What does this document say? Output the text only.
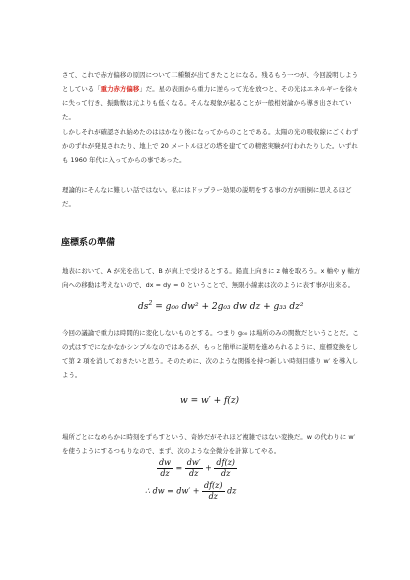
さて、これで赤方偏移の原因について二種類が出てきたことになる。残るもう一つが、今回説明しようとしている「重力赤方偏移」だ。星の表面から重力に逆らって光を放つと、その光はエネルギーを徐々に失って行き、振動数は元よりも低くなる。そんな現象が起ることが一般相対論から導き出されていた。

しかしそれが確認され始めたのははかなり後になってからのことである。太陽の光の吸収線にごくわずかのずれが発見されたり、地上で 20 メートルほどの塔を建てての精密実験が行われたりした。いずれも 1960 年代に入ってからの事であった。

理論的にそんなに難しい話ではない。私にはドップラー効果の説明をする事の方が面倒に思えるほどだ。

座標系の準備

地表において、A が光を出して、B が真上で受けるとする。鉛直上向きに z 軸を取ろう。x 軸や y 軸方向への移動は考えないので、dx = dy = 0 ということで、無限小線素は次のように表す事が出来る。

$ds^2 = g_{00}$ dw² + 2g₀₃ dw dz + g₃₃ dz²

今回の議論で重力は時間的に変化しないものとする。つまり g₀₀ は場所のみの関数だということだ。この式はすでになかなかシンプルなのではあるが、もっと簡単に説明を進められるように、座標変換をして第 2 項を消しておきたいと思う。そのために、次のような関係を持つ新しい時刻目盛り w′ を導入しよう。

w = w′ + f(z)

場所ごとになめらかに時刻をずらすという、奇妙だがそれほど複雑ではない変換だ。w の代わりに w′ を使うようにするつもりなので、まず、次のような全微分を計算してやる。

$\frac{dw}{dz} = \frac{dw'}{dz} + \frac{df(z)}{dz}$
∴ dw = $dw' + \frac{df(z)}{dz}$ dz
